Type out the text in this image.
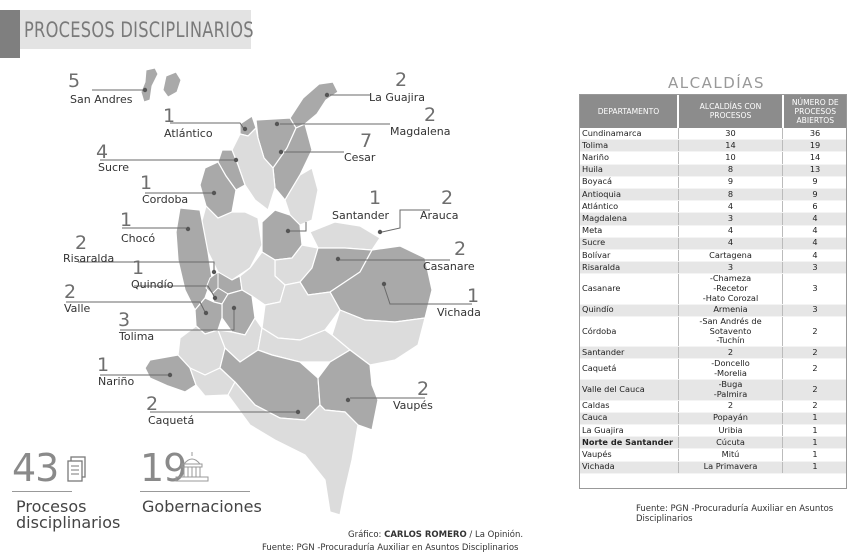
PROCESOS DISCIPLINARIOS
5
San Andres
1
Atlántico
4
Sucre
1
Cordoba
1
Chocó
2
Risaralda 1
Quindío
2
Valle
3
Tolima
1
Nariño
2
Caquetá
2
La Guajira
2
Magdalena
7
Cesar
1
Santander
2
Arauca
2
Casanare
1
Vichada
2
Vaupés
43
Procesos
disciplinarios
19
Gobernaciones
Gráfico: CARLOS ROMERO / La Opinión.
Fuente: PGN -Procuraduría Auxiliar en Asuntos Disciplinarios
ALCALDÍAS
DEPARTAMENTO	ALCALDÍAS CON PROCESOS	NÚMERO DE PROCESOS ABIERTOS
Cundinamarca	30	36
Tolima	14	19
Nariño	10	14
Huila	8	13
Boyacá	9	9
Antioquia	8	9
Atlántico	4	6
Magdalena	3	4
Meta	4	4
Sucre	4	4
Bolívar	Cartagena	4
Risaralda	3	3
Casanare	-Chameza
-Recetor
-Hato Corozal	3
Quindío	Armenia	3
Córdoba	-San Andrés de Sotavento
-Tuchín	2
Santander	2	2
Caquetá	-Doncello
-Morelia	2
Valle del Cauca	-Buga
-Palmira	2
Caldas	2	2
Cauca	Popayán	1
La Guajira	Uribia	1
Norte de Santander	Cúcuta	1
Vaupés	Mitú	1
Vichada	La Primavera	1
Fuente: PGN -Procuraduría Auxiliar en Asuntos Disciplinarios
